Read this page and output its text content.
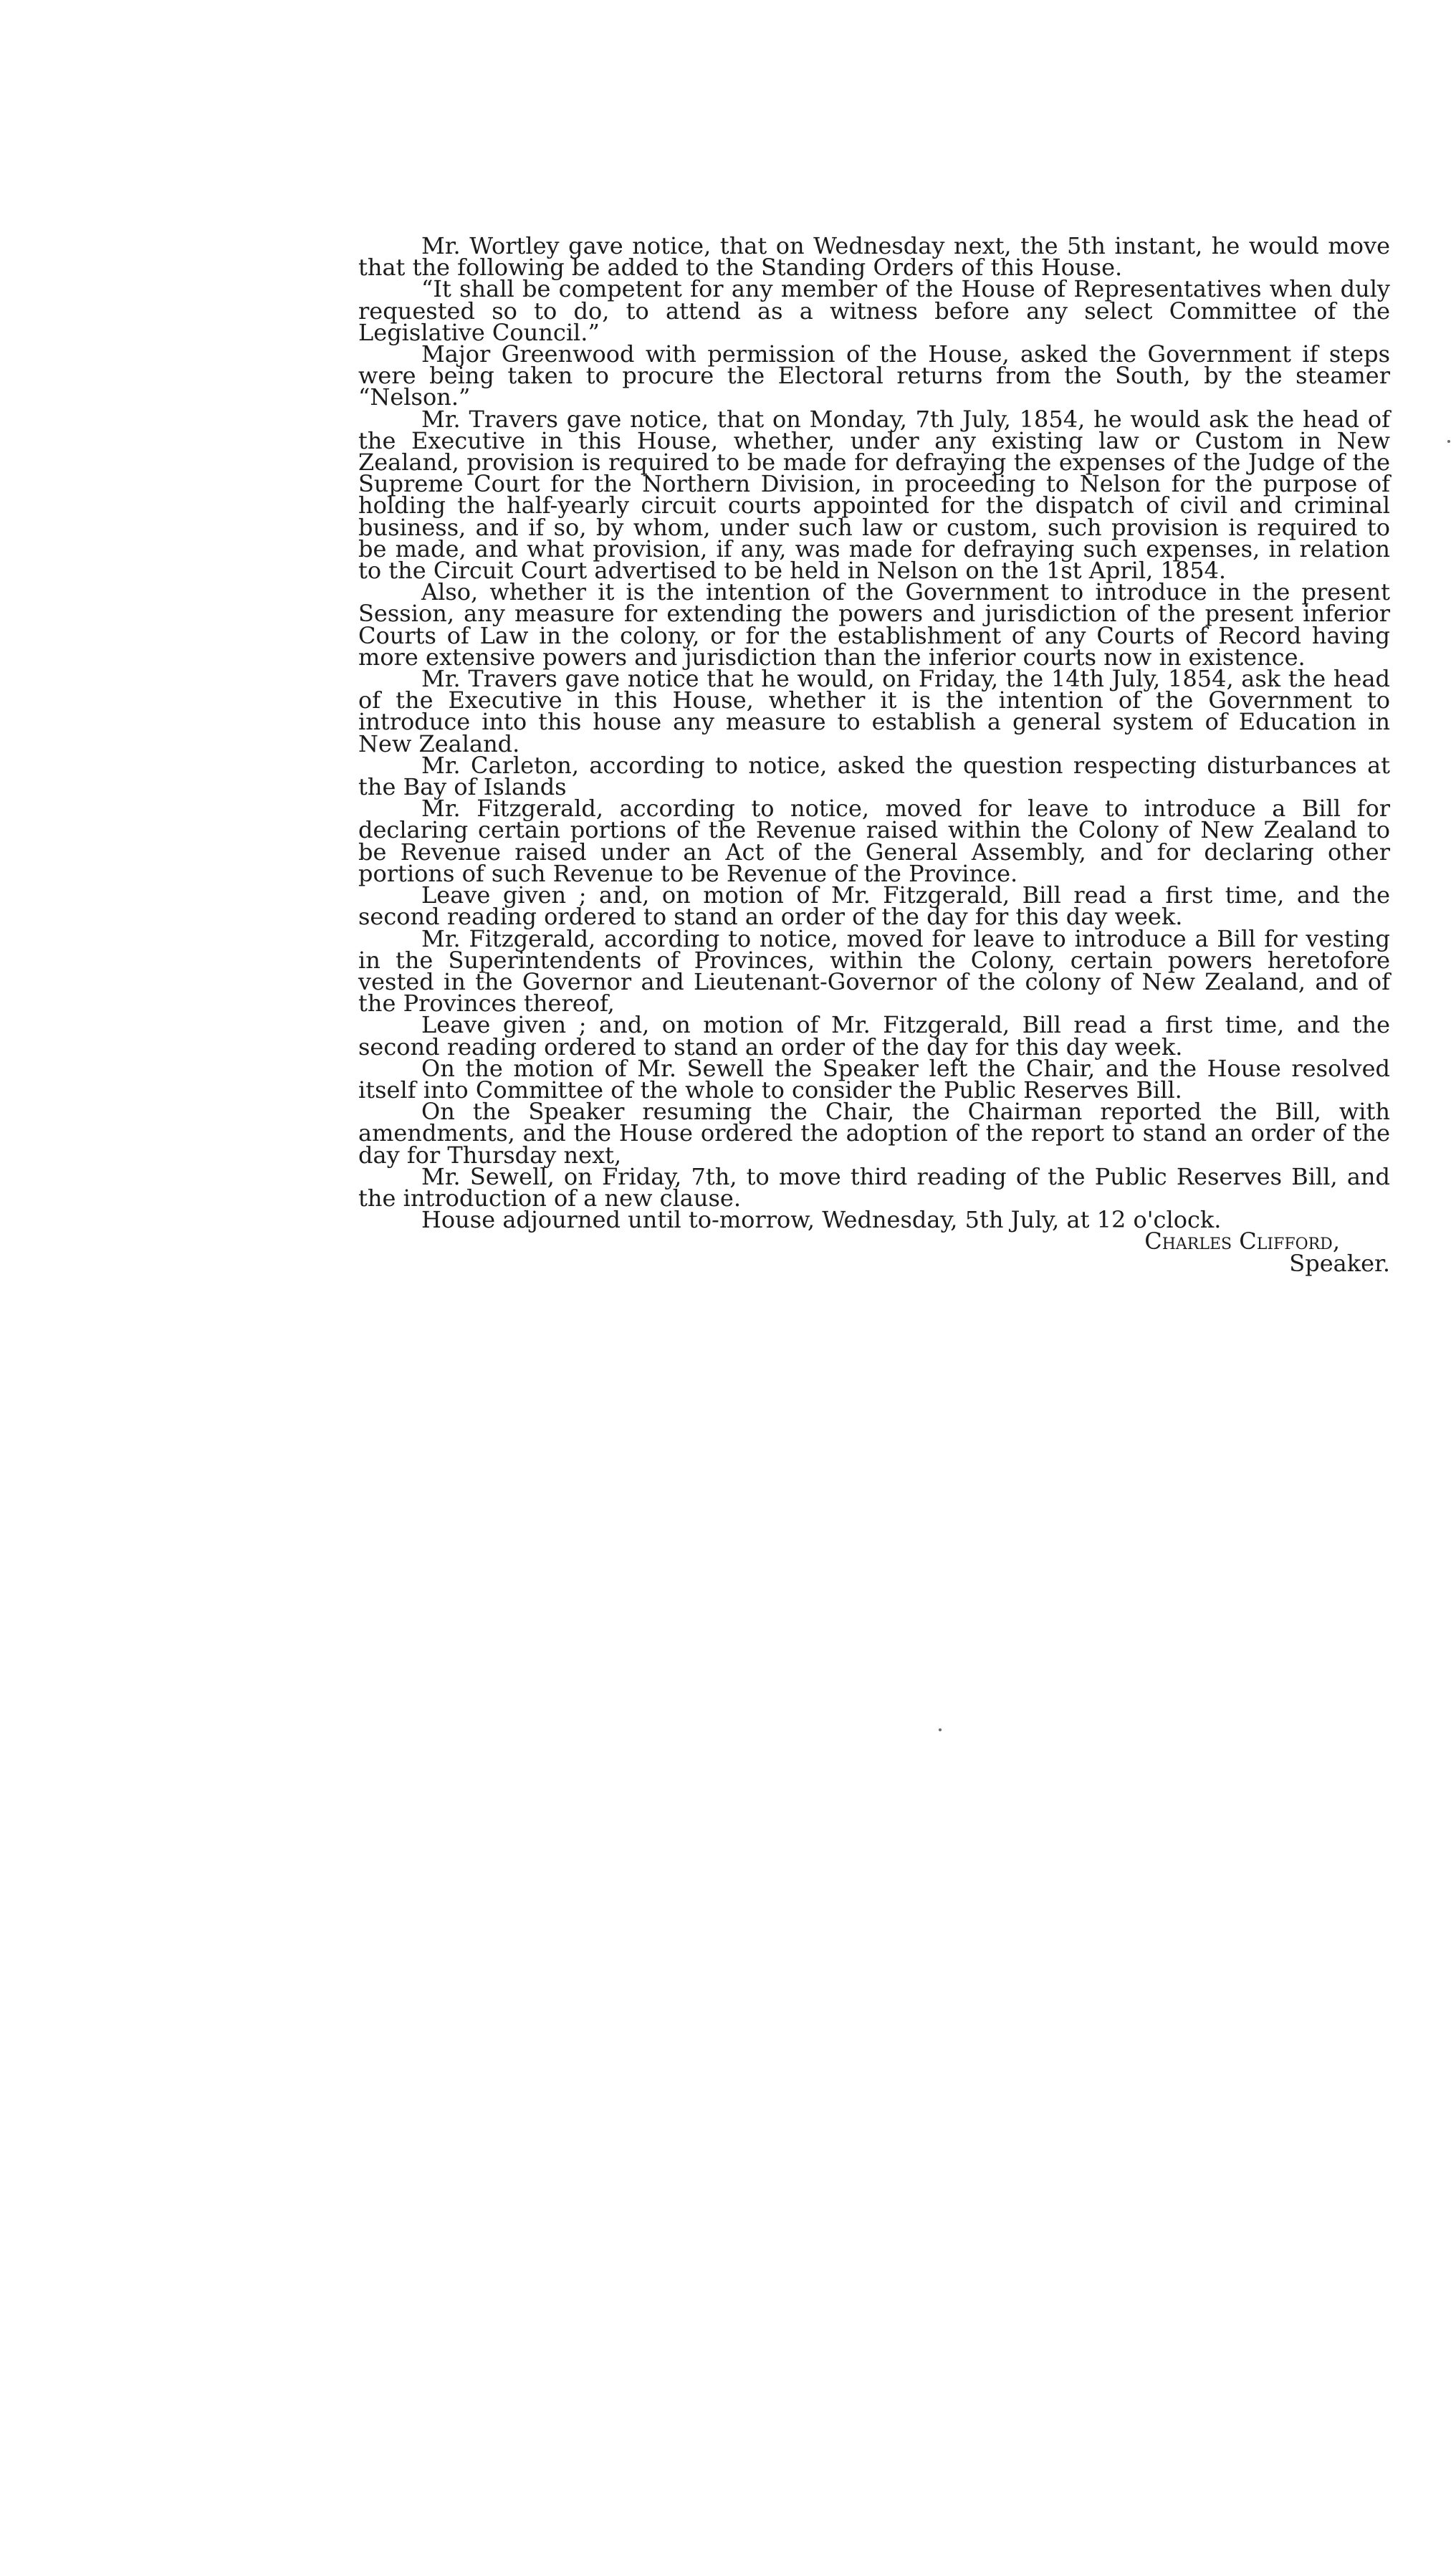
Mr. Wortley gave notice, that on Wednesday next, the 5th instant, he would move that the following be added to the Standing Orders of this House.

“It shall be competent for any member of the House of Representatives when duly requested so to do, to attend as a witness before any select Committee of the Legislative Council.”

Major Greenwood with permission of the House, asked the Government if steps were being taken to procure the Electoral returns from the South, by the steamer “Nelson.”

Mr. Travers gave notice, that on Monday, 7th July, 1854, he would ask the head of the Executive in this House, whether, under any existing law or Custom in New Zealand, provision is required to be made for defraying the expenses of the Judge of the Supreme Court for the Northern Division, in proceeding to Nelson for the purpose of holding the half-yearly circuit courts appointed for the dispatch of civil and criminal business, and if so, by whom, under such law or custom, such provision is required to be made, and what provision, if any, was made for defraying such expenses, in relation to the Circuit Court advertised to be held in Nelson on the 1st April, 1854.

Also, whether it is the intention of the Government to introduce in the present Session, any measure for extending the powers and jurisdiction of the present inferior Courts of Law in the colony, or for the establishment of any Courts of Record having more extensive powers and jurisdiction than the inferior courts now in existence.

Mr. Travers gave notice that he would, on Friday, the 14th July, 1854, ask the head of the Executive in this House, whether it is the intention of the Government to introduce into this house any measure to establish a general system of Education in New Zealand.

Mr. Carleton, according to notice, asked the question respecting disturbances at the Bay of Islands

Mr. Fitzgerald, according to notice, moved for leave to introduce a Bill for declaring certain portions of the Revenue raised within the Colony of New Zealand to be Revenue raised under an Act of the General Assembly, and for declaring other portions of such Revenue to be Revenue of the Province.

Leave given ; and, on motion of Mr. Fitzgerald, Bill read a first time, and the second reading ordered to stand an order of the day for this day week.

Mr. Fitzgerald, according to notice, moved for leave to introduce a Bill for vesting in the Superintendents of Provinces, within the Colony, certain powers heretofore vested in the Governor and Lieutenant-Governor of the colony of New Zealand, and of the Provinces thereof,

Leave given ; and, on motion of Mr. Fitzgerald, Bill read a first time, and the second reading ordered to stand an order of the day for this day week.

On the motion of Mr. Sewell the Speaker left the Chair, and the House resolved itself into Committee of the whole to consider the Public Reserves Bill.

On the Speaker resuming the Chair, the Chairman reported the Bill, with amendments, and the House ordered the adoption of the report to stand an order of the day for Thursday next,

Mr. Sewell, on Friday, 7th, to move third reading of the Public Reserves Bill, and the introduction of a new clause.

House adjourned until to-morrow, Wednesday, 5th July, at 12 o'clock.

Charles Clifford,
Speaker.
